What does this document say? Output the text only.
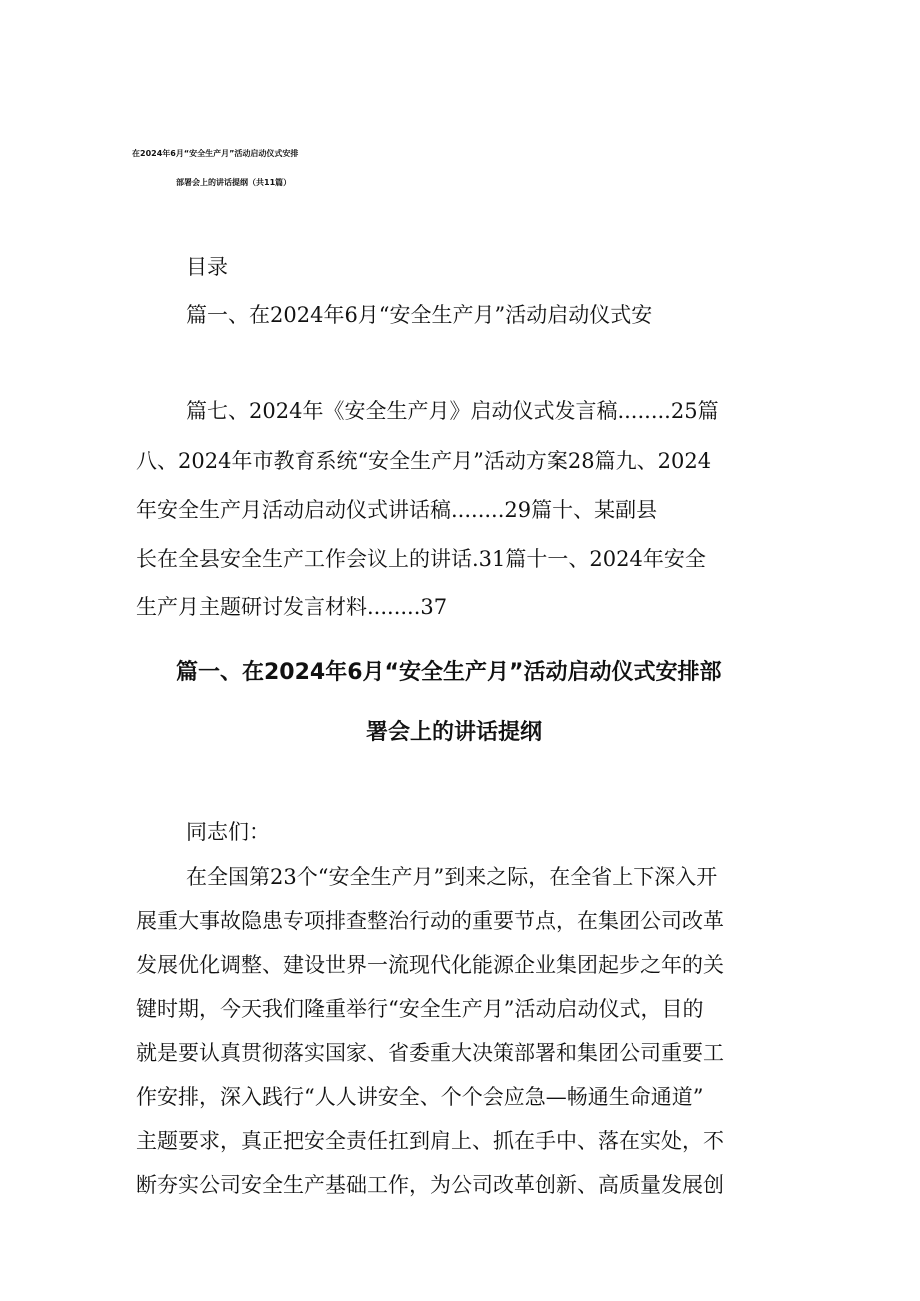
在2024年6月“安全生产月”活动启动仪式安排
部署会上的讲话提纲（共11篇）

目录

篇一、在2024年6月“安全生产月”活动启动仪式安

篇七、2024年《安全生产月》启动仪式发言稿........25篇

八、2024年市教育系统“安全生产月”活动方案28篇九、2024

年安全生产月活动启动仪式讲话稿........29篇十、某副县

长在全县安全生产工作会议上的讲话.31篇十一、2024年安全

生产月主题研讨发言材料........37

篇一、在2024年6月“安全生产月”活动启动仪式安排部
署会上的讲话提纲

同志们：

在全国第23个“安全生产月”到来之际，在全省上下深入开

展重大事故隐患专项排查整治行动的重要节点，在集团公司改革

发展优化调整、建设世界一流现代化能源企业集团起步之年的关

键时期，今天我们隆重举行“安全生产月”活动启动仪式，目的

就是要认真贯彻落实国家、省委重大决策部署和集团公司重要工

作安排，深入践行“人人讲安全、个个会应急—畅通生命通道”

主题要求，真正把安全责任扛到肩上、抓在手中、落在实处，不

断夯实公司安全生产基础工作，为公司改革创新、高质量发展创
